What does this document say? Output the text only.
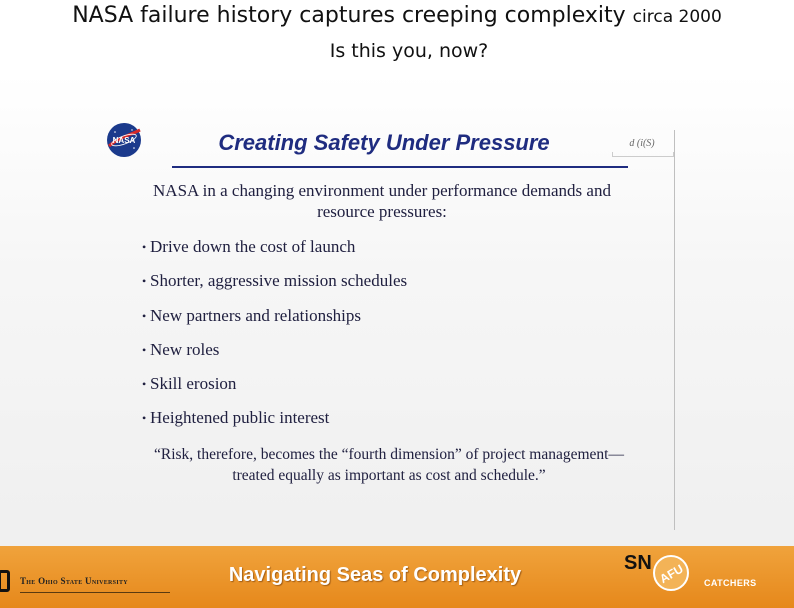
NASA failure history captures creeping complexity circa 2000
Is this you, now?
NASA	Creating Safety Under Pressure	d (i(S)
NASA in a changing environment under performance demands and resource pressures:
• Drive down the cost of launch
• Shorter, aggressive mission schedules
• New partners and relationships
• New roles
• Skill erosion
• Heightened public interest
“Risk, therefore, becomes the “fourth dimension” of project management—treated equally as important as cost and schedule.”
The Ohio State University	Navigating Seas of Complexity
SN AFU CATCHERS
